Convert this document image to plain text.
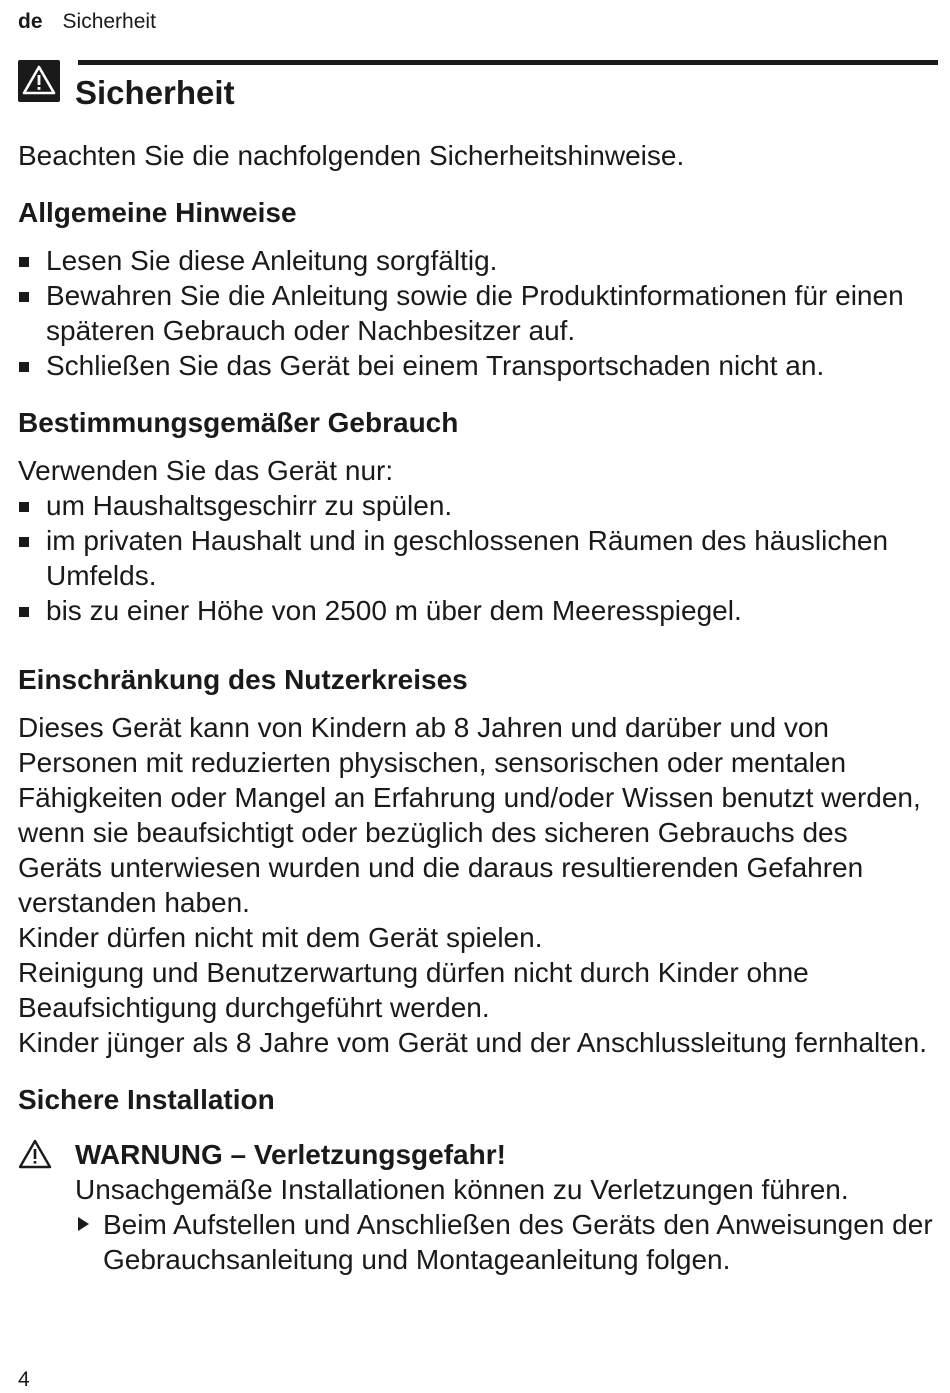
de Sicherheit
Sicherheit

Beachten Sie die nachfolgenden Sicherheitshinweise.

Allgemeine Hinweise
Lesen Sie diese Anleitung sorgfältig.
Bewahren Sie die Anleitung sowie die Produktinformationen für einen späteren Gebrauch oder Nachbesitzer auf.
Schließen Sie das Gerät bei einem Transportschaden nicht an.
Bestimmungsgemäßer Gebrauch

Verwenden Sie das Gerät nur:

um Haushaltsgeschirr zu spülen.
im privaten Haushalt und in geschlossenen Räumen des häuslichen Umfelds.
bis zu einer Höhe von 2500 m über dem Meeresspiegel.
Einschränkung des Nutzerkreises

Dieses Gerät kann von Kindern ab 8 Jahren und darüber und von Personen mit reduzierten physischen, sensorischen oder mentalen Fähigkeiten oder Mangel an Erfahrung und/oder Wissen benutzt werden, wenn sie beaufsichtigt oder bezüglich des sicheren Gebrauchs des Geräts unterwiesen wurden und die daraus resultierenden Gefahren verstanden haben.

Kinder dürfen nicht mit dem Gerät spielen.

Reinigung und Benutzerwartung dürfen nicht durch Kinder ohne Beaufsichtigung durchgeführt werden.

Kinder jünger als 8 Jahre vom Gerät und der Anschlussleitung fernhalten.

Sichere Installation
WARNUNG – Verletzungsgefahr!
Unsachgemäße Installationen können zu Verletzungen führen.
Beim Aufstellen und Anschließen des Geräts den Anweisungen der Gebrauchsanleitung und Montageanleitung folgen.
4
